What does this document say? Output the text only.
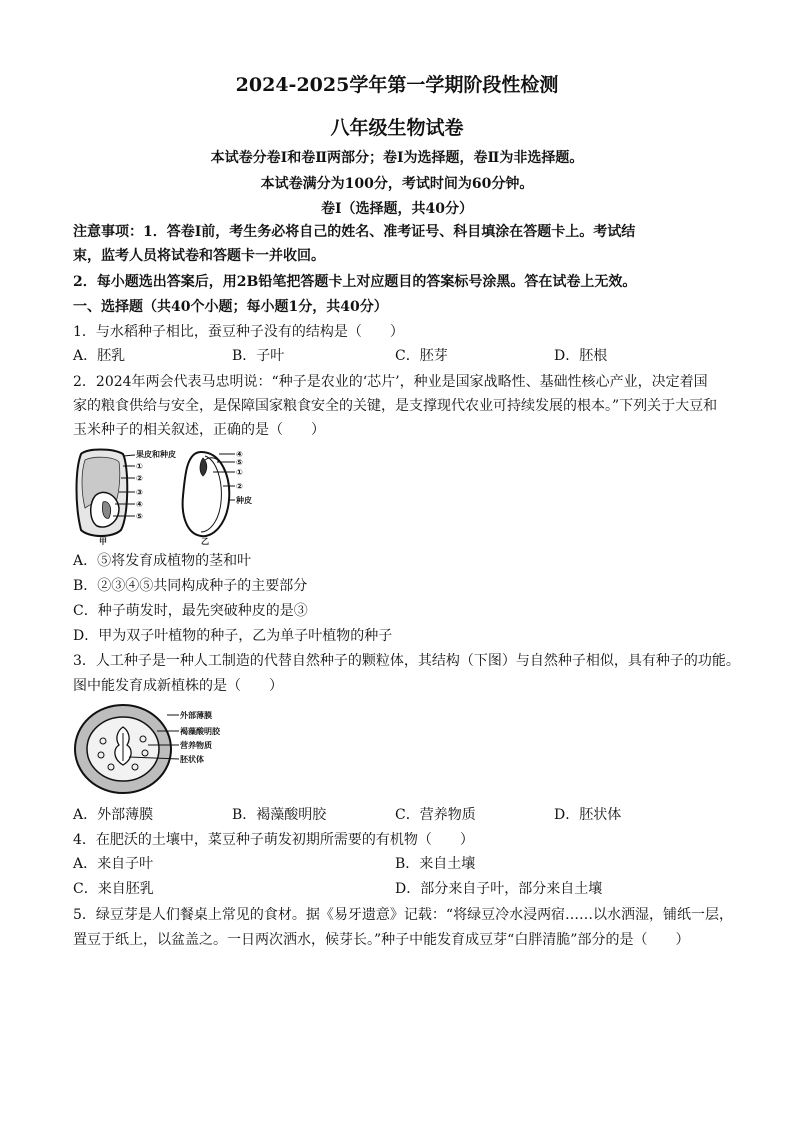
2024-2025学年第一学期阶段性检测
八年级生物试卷
本试卷分卷Ⅰ和卷Ⅱ两部分；卷Ⅰ为选择题，卷Ⅱ为非选择题。
本试卷满分为100分，考试时间为60分钟。
卷Ⅰ（选择题，共40分）
注意事项：1．答卷Ⅰ前，考生务必将自己的姓名、准考证号、科目填涂在答题卡上。考试结
束，监考人员将试卷和答题卡一并收回。
2．每小题选出答案后，用2B铅笔把答题卡上对应题目的答案标号涂黑。答在试卷上无效。
一、选择题（共40个小题；每小题1分，共40分）
1．与水稻种子相比，蚕豆种子没有的结构是（　　）
A．胚乳	B．子叶	C．胚芽	D．胚根
2．2024年两会代表马忠明说：“种子是农业的‘芯片’，种业是国家战略性、基础性核心产业，决定着国
家的粮食供给与安全，是保障国家粮食安全的关键，是支撑现代农业可持续发展的根本。”下列关于大豆和
玉米种子的相关叙述，正确的是（　　）
果皮和种皮
①
②
③
④
⑤
甲
④
⑤
①
②
种皮
乙
A．⑤将发育成植物的茎和叶
B．②③④⑤共同构成种子的主要部分
C．种子萌发时，最先突破种皮的是③
D．甲为双子叶植物的种子，乙为单子叶植物的种子
3．人工种子是一种人工制造的代替自然种子的颗粒体，其结构（下图）与自然种子相似，具有种子的功能。
图中能发育成新植株的是（　　）
外部薄膜
褐藻酸明胶
营养物质
胚状体
A．外部薄膜	B．褐藻酸明胶	C．营养物质	D．胚状体
4．在肥沃的土壤中，菜豆种子萌发初期所需要的有机物（　　）
A．来自子叶	B．来自土壤
C．来自胚乳	D．部分来自子叶，部分来自土壤
5．绿豆芽是人们餐桌上常见的食材。据《易牙遗意》记载：“将绿豆冷水浸两宿……以水洒湿，铺纸一层，
置豆于纸上，以盆盖之。一日两次洒水，候芽长。”种子中能发育成豆芽“白胖清脆”部分的是（　　）
